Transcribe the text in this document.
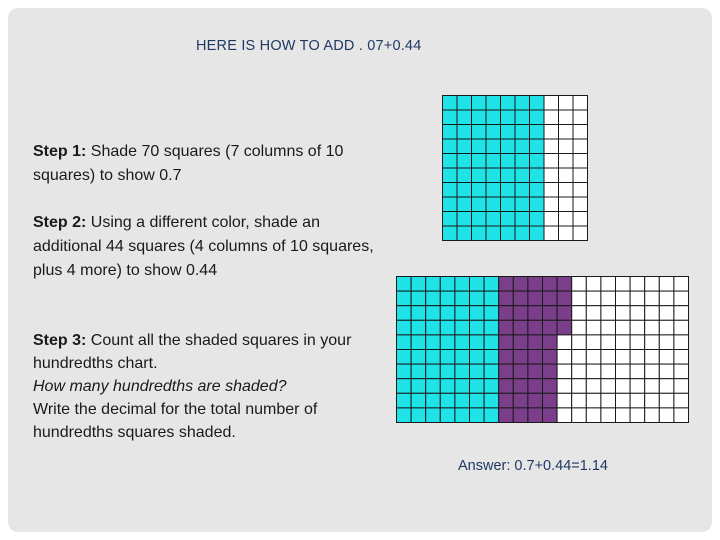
HERE IS HOW TO ADD . 07+0.44
Step 1: Shade 70 squares (7 columns of 10 squares) to show 0.7
Step 2: Using a different color, shade an additional 44 squares (4 columns of 10 squares, plus 4 more) to show 0.44
Step 3: Count all the shaded squares in your hundredths chart.
How many hundredths are shaded?
Write the decimal for the total number of hundredths squares shaded.
Answer: 0.7+0.44=1.14
